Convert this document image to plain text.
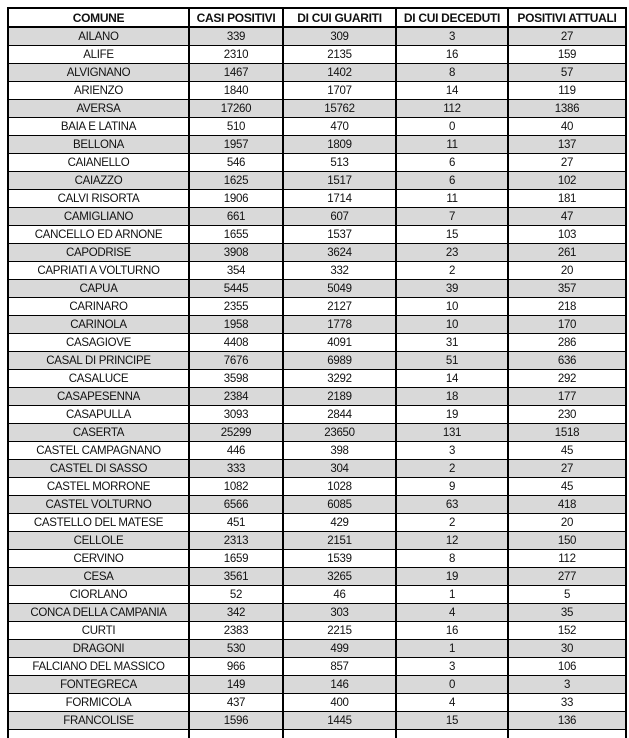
COMUNE	CASI POSITIVI	DI CUI GUARITI	DI CUI DECEDUTI	POSITIVI ATTUALI
AILANO	339	309	3	27
ALIFE	2310	2135	16	159
ALVIGNANO	1467	1402	8	57
ARIENZO	1840	1707	14	119
AVERSA	17260	15762	112	1386
BAIA E LATINA	510	470	0	40
BELLONA	1957	1809	11	137
CAIANELLO	546	513	6	27
CAIAZZO	1625	1517	6	102
CALVI RISORTA	1906	1714	11	181
CAMIGLIANO	661	607	7	47
CANCELLO ED ARNONE	1655	1537	15	103
CAPODRISE	3908	3624	23	261
CAPRIATI A VOLTURNO	354	332	2	20
CAPUA	5445	5049	39	357
CARINARO	2355	2127	10	218
CARINOLA	1958	1778	10	170
CASAGIOVE	4408	4091	31	286
CASAL DI PRINCIPE	7676	6989	51	636
CASALUCE	3598	3292	14	292
CASAPESENNA	2384	2189	18	177
CASAPULLA	3093	2844	19	230
CASERTA	25299	23650	131	1518
CASTEL CAMPAGNANO	446	398	3	45
CASTEL DI SASSO	333	304	2	27
CASTEL MORRONE	1082	1028	9	45
CASTEL VOLTURNO	6566	6085	63	418
CASTELLO DEL MATESE	451	429	2	20
CELLOLE	2313	2151	12	150
CERVINO	1659	1539	8	112
CESA	3561	3265	19	277
CIORLANO	52	46	1	5
CONCA DELLA CAMPANIA	342	303	4	35
CURTI	2383	2215	16	152
DRAGONI	530	499	1	30
FALCIANO DEL MASSICO	966	857	3	106
FONTEGRECA	149	146	0	3
FORMICOLA	437	400	4	33
FRANCOLISE	1596	1445	15	136
